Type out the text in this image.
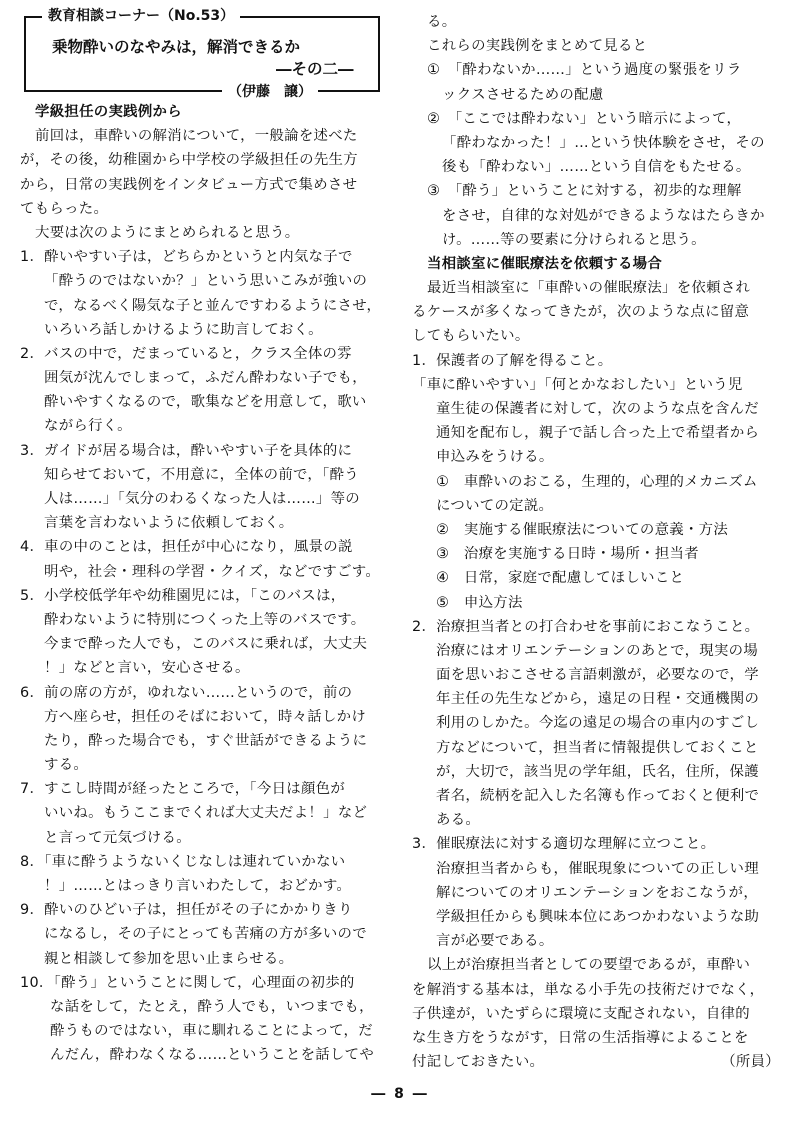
教育相談コーナー（No.53）
乗物酔いのなやみは，解消できるか
―その二―
（伊藤　譲）
学級担任の実践例から
前回は，車酔いの解消について，一般論を述べた
が，その後，幼稚園から中学校の学級担任の先生方
から，日常の実践例をインタビュー方式で集めさせ
てもらった。
大要は次のようにまとめられると思う。
1．酔いやすい子は，どちらかというと内気な子で
「酔うのではないか？」という思いこみが強いの
で，なるべく陽気な子と並んですわるようにさせ，
いろいろ話しかけるように助言しておく。
2．バスの中で，だまっていると，クラス全体の雰
囲気が沈んでしまって，ふだん酔わない子でも，
酔いやすくなるので，歌集などを用意して，歌い
ながら行く。
3．ガイドが居る場合は，酔いやすい子を具体的に
知らせておいて，不用意に，全体の前で，「酔う
人は……」「気分のわるくなった人は……」等の
言葉を言わないように依頼しておく。
4．車の中のことは，担任が中心になり，風景の説
明や，社会・理科の学習・クイズ，などですごす。
5．小学校低学年や幼稚園児には，「このバスは，
酔わないように特別につくった上等のバスです。
今まで酔った人でも，このバスに乗れば，大丈夫
！」などと言い，安心させる。
6．前の席の方が，ゆれない……というので，前の
方へ座らせ，担任のそばにおいて，時々話しかけ
たり，酔った場合でも，すぐ世話ができるように
する。
7．すこし時間が経ったところで，「今日は顔色が
いいね。もうここまでくれば大丈夫だよ！」など
と言って元気づける。
8．「車に酔うようないくじなしは連れていかない
！」……とはっきり言いわたして，おどかす。
9．酔いのひどい子は，担任がその子にかかりきり
になるし，その子にとっても苦痛の方が多いので
親と相談して参加を思い止まらせる。
10．「酔う」ということに関して，心理面の初歩的
な話をして，たとえ，酔う人でも，いつまでも，
酔うものではない，車に馴れることによって，だ
んだん，酔わなくなる……ということを話してや
る。
これらの実践例をまとめて見ると
①　「酔わないか……」という過度の緊張をリラ
ックスさせるための配慮
②　「ここでは酔わない」という暗示によって，
「酔わなかった！」…という快体験をさせ，その
後も「酔わない」……という自信をもたせる。
③　「酔う」ということに対する，初歩的な理解
をさせ，自律的な対処ができるようなはたらきか
け。……等の要素に分けられると思う。
当相談室に催眠療法を依頼する場合
最近当相談室に「車酔いの催眠療法」を依頼され
るケースが多くなってきたが，次のような点に留意
してもらいたい。
1．保護者の了解を得ること。
「車に酔いやすい」「何とかなおしたい」という児
童生徒の保護者に対して，次のような点を含んだ
通知を配布し，親子で話し合った上で希望者から
申込みをうける。
①　車酔いのおこる，生理的，心理的メカニズム
についての定説。
②　実施する催眠療法についての意義・方法
③　治療を実施する日時・場所・担当者
④　日常，家庭で配慮してほしいこと
⑤　申込方法
2．治療担当者との打合わせを事前におこなうこと。
治療にはオリエンテーションのあとで，現実の場
面を思いおこさせる言語刺激が，必要なので，学
年主任の先生などから，遠足の日程・交通機関の
利用のしかた。今迄の遠足の場合の車内のすごし
方などについて，担当者に情報提供しておくこと
が，大切で，該当児の学年組，氏名，住所，保護
者名，続柄を記入した名簿も作っておくと便利で
ある。
3．催眠療法に対する適切な理解に立つこと。
治療担当者からも，催眠現象についての正しい理
解についてのオリエンテーションをおこなうが，
学級担任からも興味本位にあつかわないような助
言が必要である。
以上が治療担当者としての要望であるが，車酔い
を解消する基本は，単なる小手先の技術だけでなく，
子供達が，いたずらに環境に支配されない，自律的
な生き方をうながす，日常の生活指導によることを
付記しておきたい。	（所員）
― 8 ―
